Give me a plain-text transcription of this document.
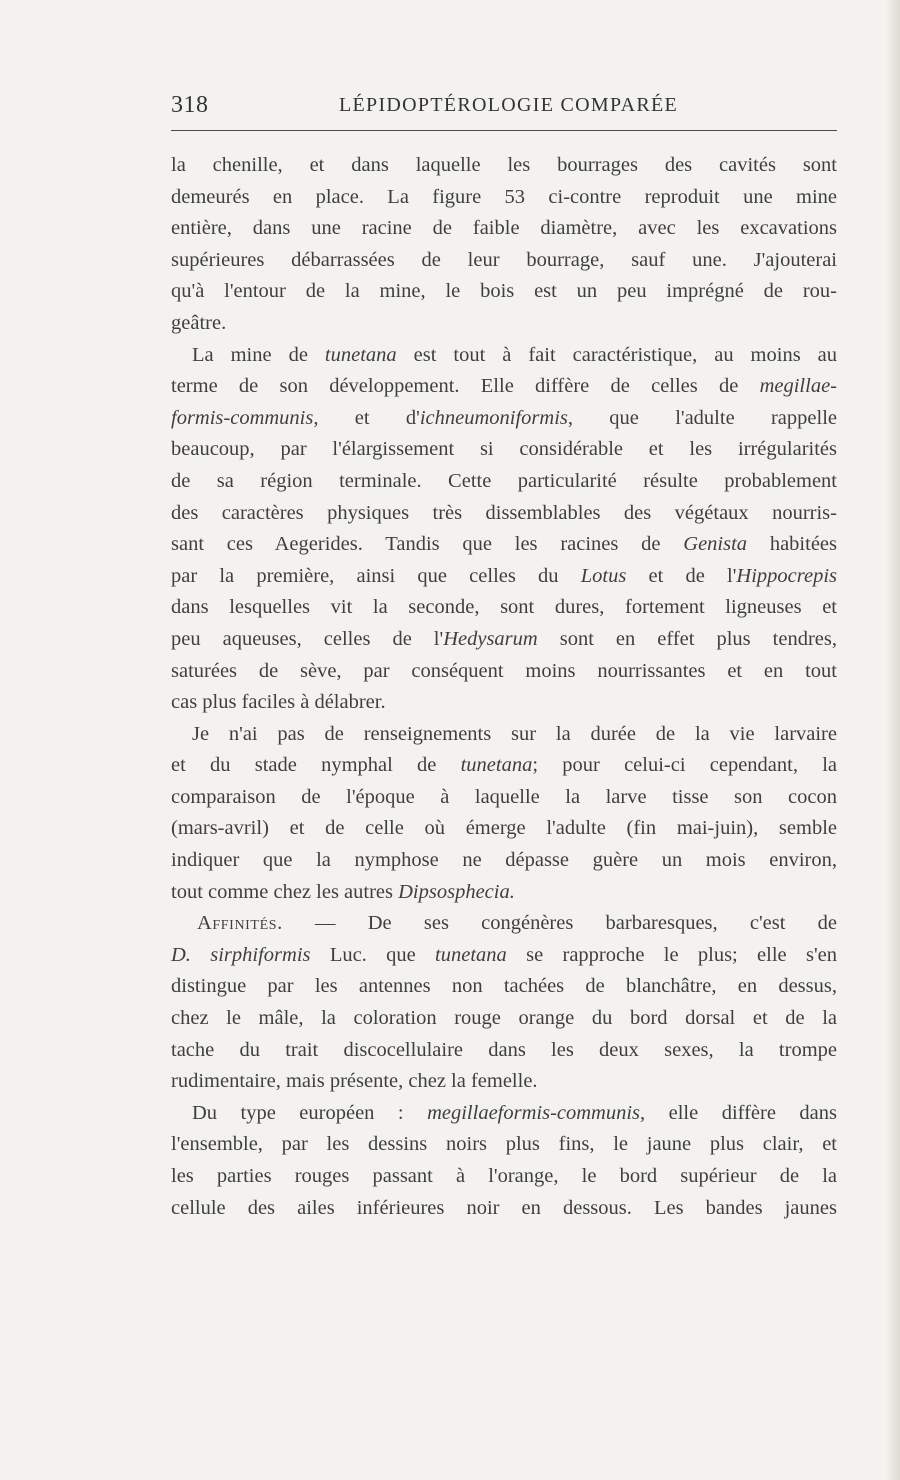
318	LÉPIDOPTÉROLOGIE COMPARÉE
la chenille, et dans laquelle les bourrages des cavités sont
demeurés en place. La figure 53 ci-contre reproduit une mine
entière, dans une racine de faible diamètre, avec les excavations
supérieures débarrassées de leur bourrage, sauf une. J'ajouterai
qu'à l'entour de la mine, le bois est un peu imprégné de rou-
geâtre.
La mine de tunetana est tout à fait caractéristique, au moins au
terme de son développement. Elle diffère de celles de megillae-
formis-communis, et d'ichneumoniformis, que l'adulte rappelle
beaucoup, par l'élargissement si considérable et les irrégularités
de sa région terminale. Cette particularité résulte probablement
des caractères physiques très dissemblables des végétaux nourris-
sant ces Aegerides. Tandis que les racines de Genista habitées
par la première, ainsi que celles du Lotus et de l'Hippocrepis
dans lesquelles vit la seconde, sont dures, fortement ligneuses et
peu aqueuses, celles de l'Hedysarum sont en effet plus tendres,
saturées de sève, par conséquent moins nourrissantes et en tout
cas plus faciles à délabrer.
Je n'ai pas de renseignements sur la durée de la vie larvaire
et du stade nymphal de tunetana; pour celui-ci cependant, la
comparaison de l'époque à laquelle la larve tisse son cocon
(mars-avril) et de celle où émerge l'adulte (fin mai-juin), semble
indiquer que la nymphose ne dépasse guère un mois environ,
tout comme chez les autres Dipsosphecia.
Affinités. — De ses congénères barbaresques, c'est de
D. sirphiformis Luc. que tunetana se rapproche le plus; elle s'en
distingue par les antennes non tachées de blanchâtre, en dessus,
chez le mâle, la coloration rouge orange du bord dorsal et de la
tache du trait discocellulaire dans les deux sexes, la trompe
rudimentaire, mais présente, chez la femelle.
Du type européen : megillaeformis-communis, elle diffère dans
l'ensemble, par les dessins noirs plus fins, le jaune plus clair, et
les parties rouges passant à l'orange, le bord supérieur de la
cellule des ailes inférieures noir en dessous. Les bandes jaunes
